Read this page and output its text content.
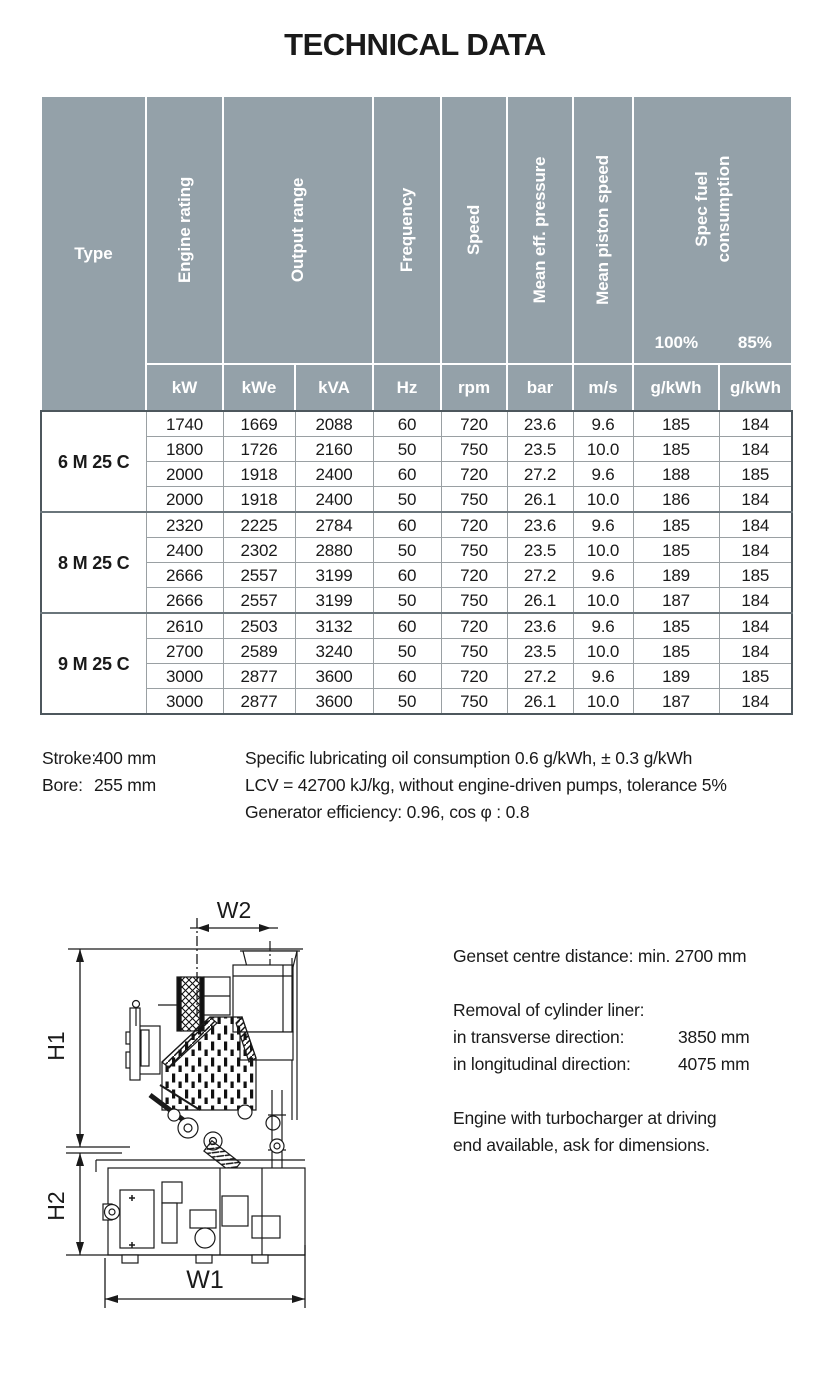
TECHNICAL DATA
Type	Engine rating	Output range		Frequency	Speed	Mean eff. pressure	Mean piston speed	Spec fuel consumption
100% 85%	

	kW	kWe	kVA	Hz	rpm	bar	m/s	g/kWh	g/kWh
6 M 25 C	1740	1669	2088	60	720	23.6	9.6	185	184
	1800	1726	2160	50	750	23.5	10.0	185	184
	2000	1918	2400	60	720	27.2	9.6	188	185
	2000	1918	2400	50	750	26.1	10.0	186	184
8 M 25 C	2320	2225	2784	60	720	23.6	9.6	185	184
	2400	2302	2880	50	750	23.5	10.0	185	184
	2666	2557	3199	60	720	27.2	9.6	189	185
	2666	2557	3199	50	750	26.1	10.0	187	184
9 M 25 C	2610	2503	3132	60	720	23.6	9.6	185	184
	2700	2589	3240	50	750	23.5	10.0	185	184
	3000	2877	3600	60	720	27.2	9.6	189	185
	3000	2877	3600	50	750	26.1	10.0	187	184
Stroke:400 mm
Bore: 255 mm
Specific lubricating oil consumption 0.6 g/kWh, ± 0.3 g/kWh
LCV = 42700 kJ/kg, without engine-driven pumps, tolerance 5%
Generator efficiency: 0.96, cos φ : 0.8
W2
H1
H2
W1
Genset centre distance: min. 2700 mm
Removal of cylinder liner:
in transverse direction:	3850 mm
in longitudinal direction:	4075 mm
Engine with turbocharger at driving
end available, ask for dimensions.
